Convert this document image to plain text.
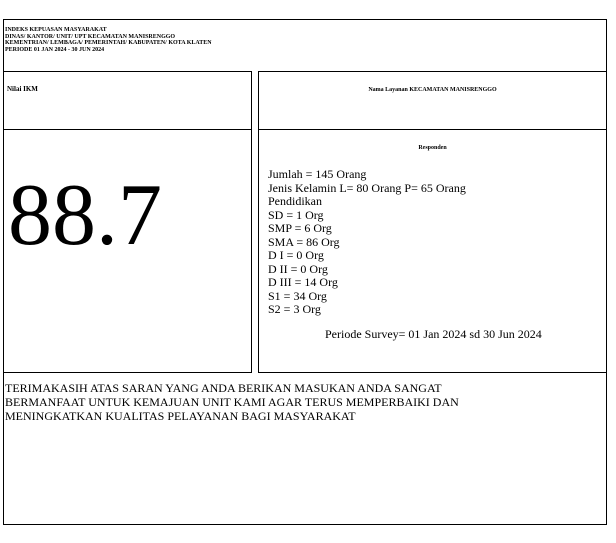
INDEKS KEPUASAN MASYARAKAT
DINAS/ KANTOR/ UNIT/ UPT KECAMATAN MANISRENGGO
KEMENTRIAN/ LEMBAGA/ PEMERINTAH/ KABUPATEN/ KOTA KLATEN
PERIODE 01 JAN 2024 - 30 JUN 2024
Nilai IKM
88.7
Nama Layanan KECAMATAN MANISRENGGO
Responden
Jumlah = 145 Orang
Jenis Kelamin L= 80 Orang P= 65 Orang
Pendidikan
SD = 1 Org
SMP = 6 Org
SMA = 86 Org
D I = 0 Org
D II = 0 Org
D III = 14 Org
S1 = 34 Org
S2 = 3 Org
Periode Survey= 01 Jan 2024 sd 30 Jun 2024
TERIMAKASIH ATAS SARAN YANG ANDA BERIKAN MASUKAN ANDA SANGAT BERMANFAAT UNTUK KEMAJUAN UNIT KAMI AGAR TERUS MEMPERBAIKI DAN MENINGKATKAN KUALITAS PELAYANAN BAGI MASYARAKAT
